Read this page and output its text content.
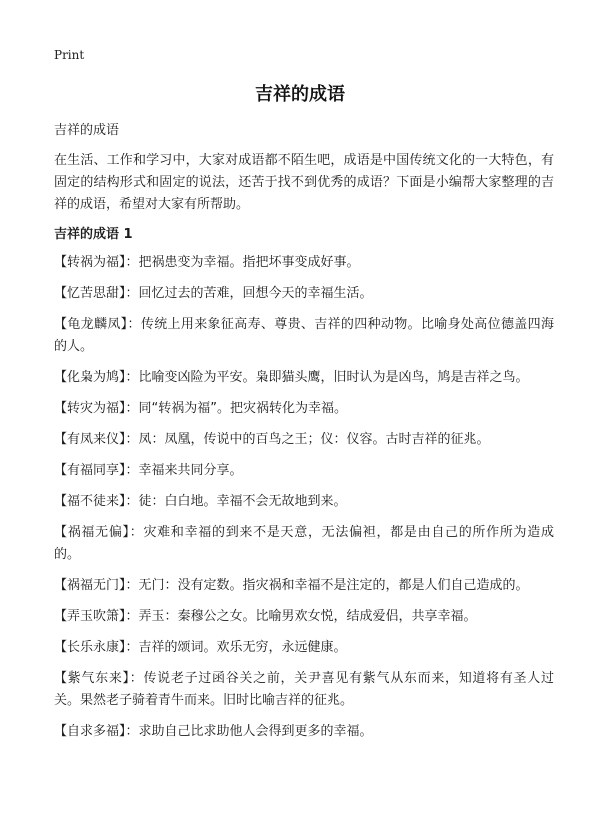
Print
吉祥的成语

吉祥的成语

在生活、工作和学习中，大家对成语都不陌生吧，成语是中国传统文化的一大特色，有固定的结构形式和固定的说法，还苦于找不到优秀的成语？下面是小编帮大家整理的吉祥的成语，希望对大家有所帮助。

吉祥的成语 1

【转祸为福】：把祸患变为幸福。指把坏事变成好事。
【忆苦思甜】：回忆过去的苦难，回想今天的幸福生活。
【龟龙麟凤】：传统上用来象征高寿、尊贵、吉祥的四种动物。比喻身处高位德盖四海的人。
【化枭为鸠】：比喻变凶险为平安。枭即猫头鹰，旧时认为是凶鸟，鸠是吉祥之鸟。
【转灾为福】：同“转祸为福”。把灾祸转化为幸福。
【有凤来仪】：凤：凤凰，传说中的百鸟之王；仪：仪容。古时吉祥的征兆。
【有福同享】：幸福来共同分享。
【福不徒来】：徒：白白地。幸福不会无故地到来。
【祸福无偏】：灾难和幸福的到来不是天意，无法偏袒，都是由自己的所作所为造成的。
【祸福无门】：无门：没有定数。指灾祸和幸福不是注定的，都是人们自己造成的。
【弄玉吹箫】：弄玉：秦穆公之女。比喻男欢女悦，结成爱侣，共享幸福。
【长乐永康】：吉祥的颂词。欢乐无穷，永远健康。
【紫气东来】：传说老子过函谷关之前，关尹喜见有紫气从东而来，知道将有圣人过关。果然老子骑着青牛而来。旧时比喻吉祥的征兆。
【自求多福】：求助自己比求助他人会得到更多的幸福。
